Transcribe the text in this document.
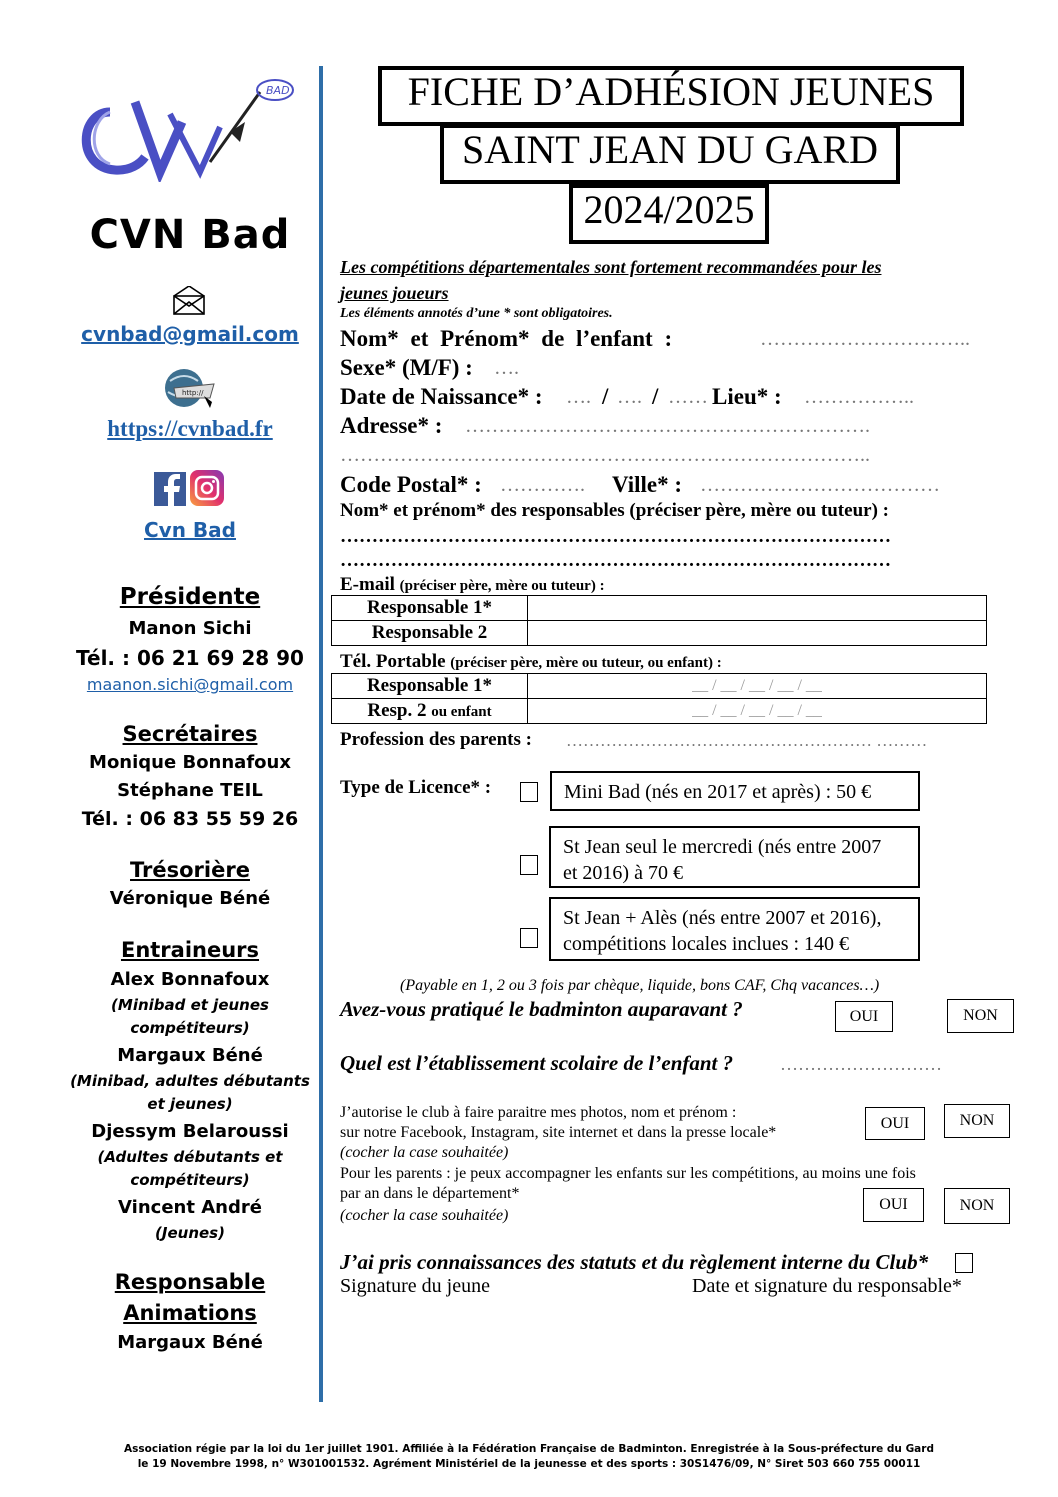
BAD
CVN Bad
cvnbad@gmail.com
http://
https://cvnbad.fr
Cvn Bad
Présidente
Manon Sichi
Tél. : 06 21 69 28 90
maanon.sichi@gmail.com
Secrétaires
Monique Bonnafoux
Stéphane TEIL
Tél. : 06 83 55 59 26
Trésorière
Véronique Béné
Entraineurs
Alex Bonnafoux
(Minibad et jeunes
compétiteurs)
Margaux Béné
(Minibad, adultes débutants
et jeunes)
Djessym Belaroussi
(Adultes débutants et
compétiteurs)
Vincent André
(Jeunes)
Responsable
Animations
Margaux Béné
FICHE D’ADHÉSION JEUNES
SAINT JEAN DU GARD
2024/2025
Les compétitions départementales sont fortement recommandées pour les
jeunes joueurs
Les éléments annotés d’une * sont obligatoires.
Nom* et Prénom* de l’enfant :	…………………………..
Sexe* (M/F) : ….
Date de Naissance* : …. / …. / …… Lieu* : ……………..
Adresse* : …………………………………………………….
……………………………………………………………………..
Code Postal* : …………. Ville* : ………………………………
Nom* et prénom* des responsables (préciser père, mère ou tuteur) :
……………………………………………………………………………
……………………………………………………………………………
E-mail (préciser père, mère ou tuteur) :
Responsable 1*	
Responsable 2	
Tél. Portable (préciser père, mère ou tuteur, ou enfant) :
Responsable 1*	__ / __ / __ / __ / __
Resp. 2 ou enfant	__ / __ / __ / __ / __
Profession des parents : ……………………………………………… ………
Type de Licence* :	Mini Bad (nés en 2017 et après) : 50 €
St Jean seul le mercredi (nés entre 2007
et 2016) à 70 €
St Jean + Alès (nés entre 2007 et 2016),
compétitions locales inclues : 140 €
(Payable en 1, 2 ou 3 fois par chèque, liquide, bons CAF, Chq vacances…)
Avez-vous pratiqué le badminton auparavant ?	OUI	NON
Quel est l’établissement scolaire de l’enfant ?	………………………
J’autorise le club à faire paraitre mes photos, nom et prénom :
sur notre Facebook, Instagram, site internet et dans la presse locale*
(cocher la case souhaitée)
OUI	NON
Pour les parents : je peux accompagner les enfants sur les compétitions, au moins une fois
par an dans le département*
(cocher la case souhaitée)
OUI	NON
J’ai pris connaissances des statuts et du règlement interne du Club*
Signature du jeune	Date et signature du responsable*
Association régie par la loi du 1er juillet 1901. Affiliée à la Fédération Française de Badminton. Enregistrée à la Sous-préfecture du Gard
le 19 Novembre 1998, n° W301001532. Agrément Ministériel de la jeunesse et des sports : 30S1476/09, N° Siret 503 660 755 00011
